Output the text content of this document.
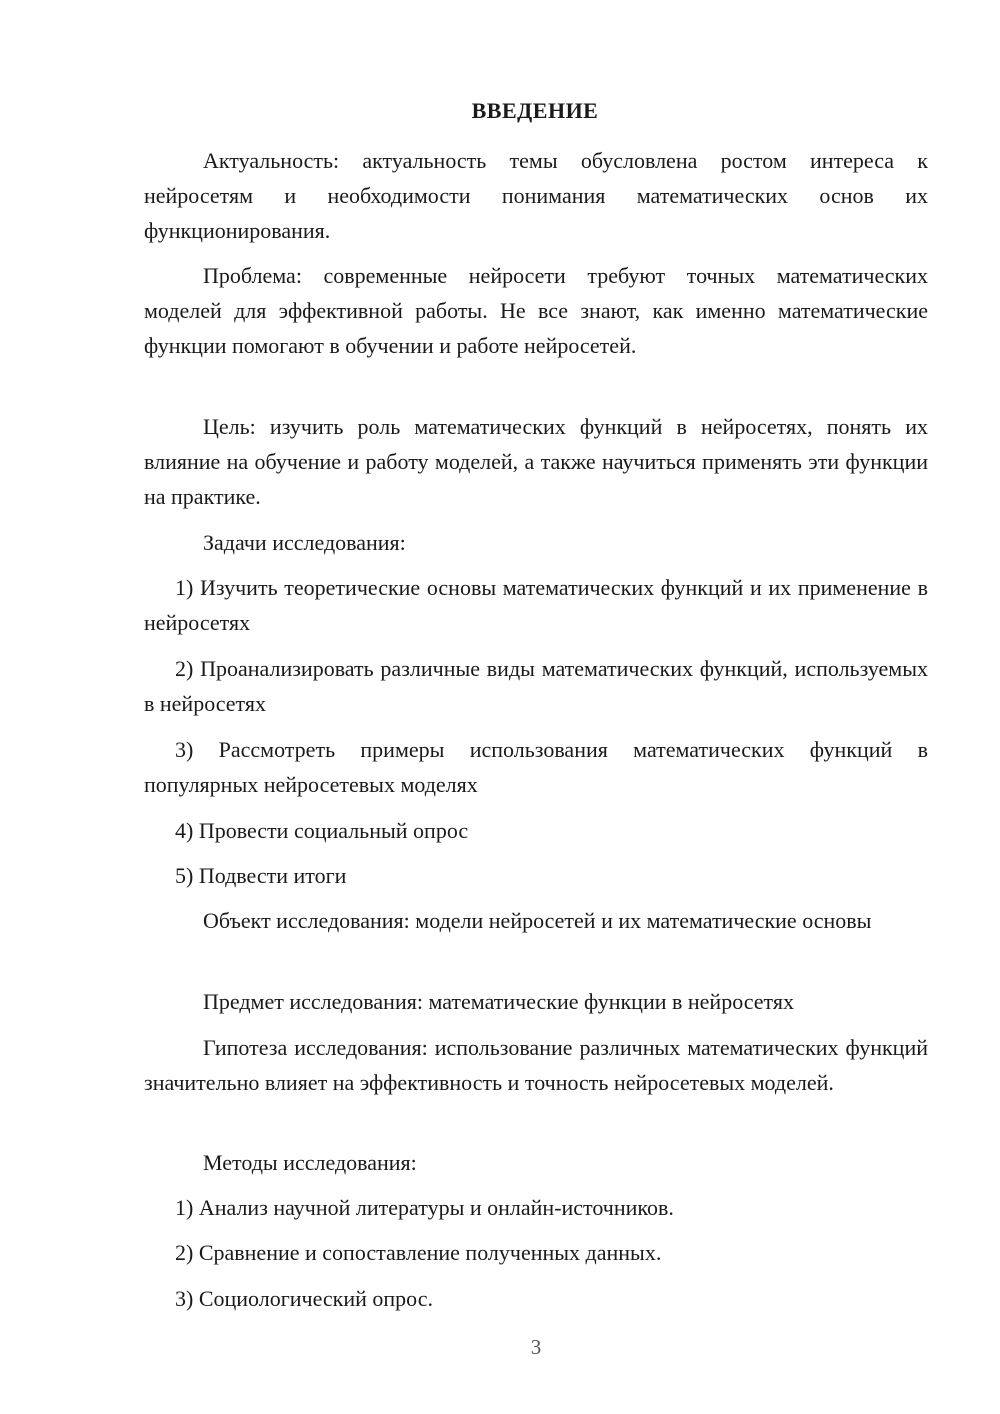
ВВЕДЕНИЕ

Актуальность: актуальность темы обусловлена ростом интереса к нейросетям и необходимости понимания математических основ их функционирования.

Проблема: современные нейросети требуют точных математических моделей для эффективной работы. Не все знают, как именно математические функции помогают в обучении и работе нейросетей.

Цель: изучить роль математических функций в нейросетях, понять их влияние на обучение и работу моделей, а также научиться применять эти функции на практике.

Задачи исследования:

1) Изучить теоретические основы математических функций и их применение в нейросетях

2) Проанализировать различные виды математических функций, используемых в нейросетях

3) Рассмотреть примеры использования математических функций в популярных нейросетевых моделях

4) Провести социальный опрос

5) Подвести итоги

Объект исследования: модели нейросетей и их математические основы

Предмет исследования: математические функции в нейросетях

Гипотеза исследования: использование различных математических функций значительно влияет на эффективность и точность нейросетевых моделей.

Методы исследования:

1) Анализ научной литературы и онлайн-источников.

2) Сравнение и сопоставление полученных данных.

3) Социологический опрос.

3
